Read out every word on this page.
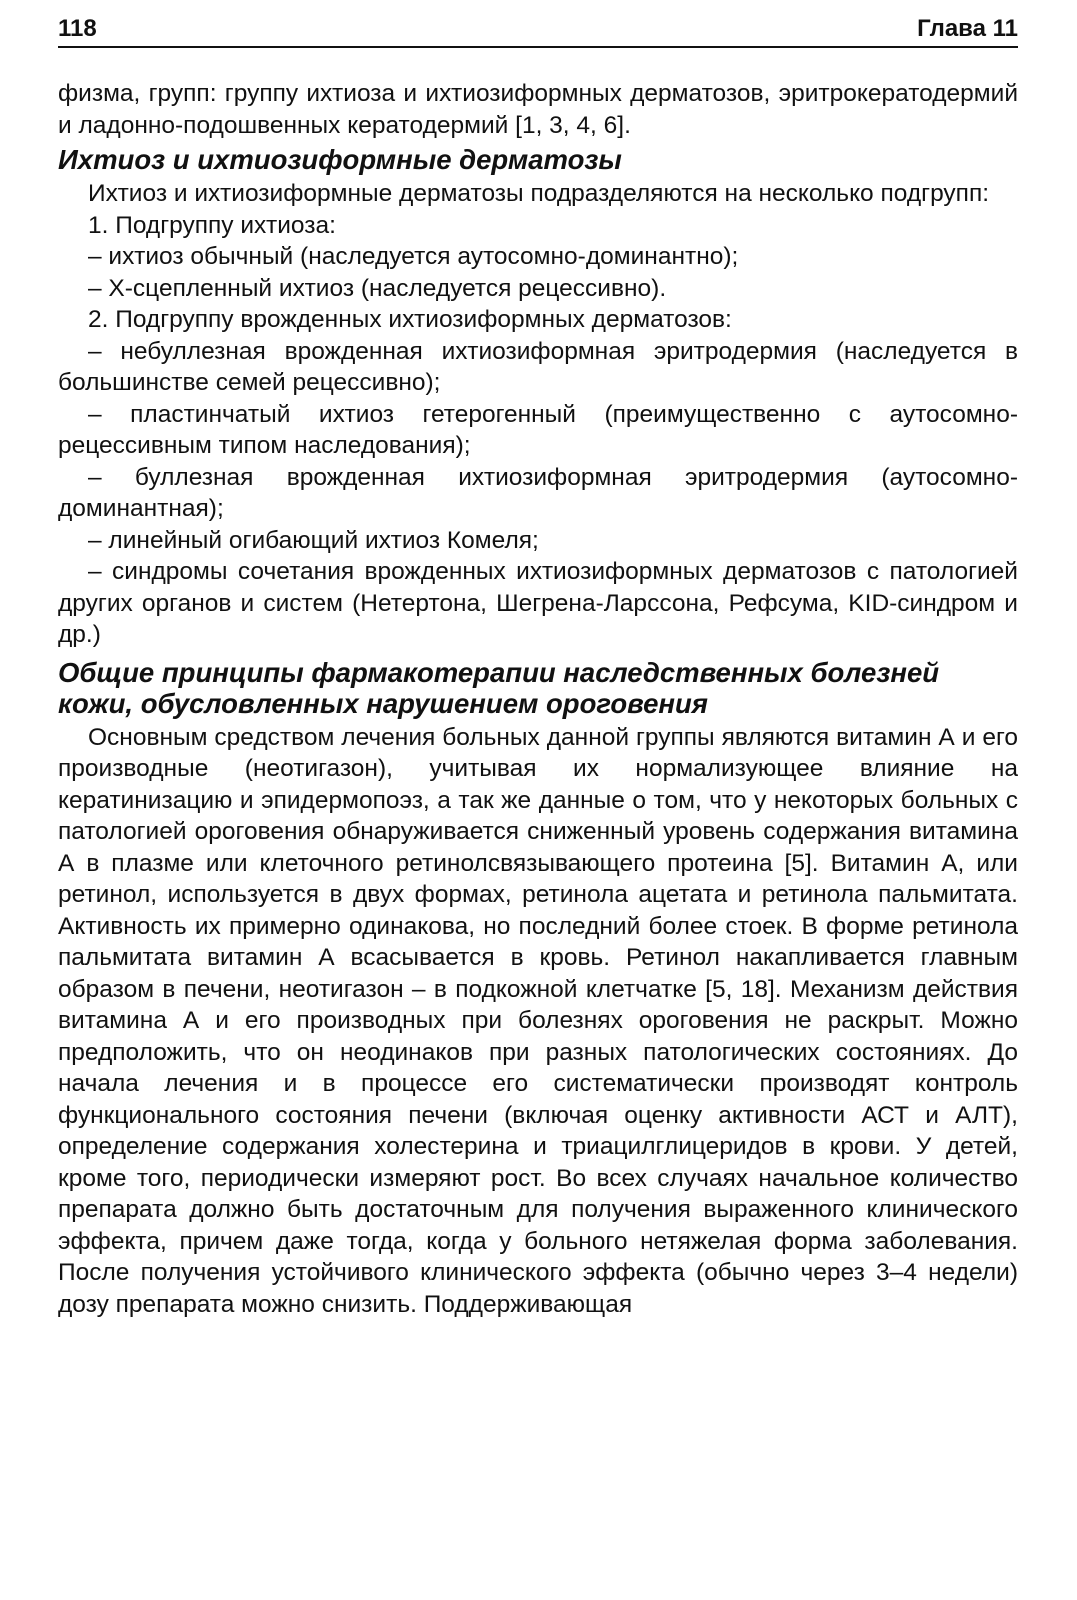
118	Глава 11

физма, групп: группу ихтиоза и ихтиозиформных дерматозов, эритрокератодермий и ладонно-подошвенных кератодермий [1, 3, 4, 6].

Ихтиоз и ихтиозиформные дерматозы

Ихтиоз и ихтиозиформные дерматозы подразделяются на несколько подгрупп:

1. Подгруппу ихтиоза:

– ихтиоз обычный (наследуется аутосомно-доминантно);

– Х-сцепленный ихтиоз (наследуется рецессивно).

2. Подгруппу врожденных ихтиозиформных дерматозов:

– небуллезная врожденная ихтиозиформная эритродермия (наследуется в большинстве семей рецессивно);

– пластинчатый ихтиоз гетерогенный (преимущественно с аутосомно-рецессивным типом наследования);

– буллезная врожденная ихтиозиформная эритродермия (аутосомно-доминантная);

– линейный огибающий ихтиоз Комеля;

– синдромы сочетания врожденных ихтиозиформных дерматозов с патологией других органов и систем (Нетертона, Шегрена-Ларссона, Рефсума, KID-синдром и др.)

Общие принципы фармакотерапии наследственных болезней кожи, обусловленных нарушением ороговения

Основным средством лечения больных данной группы являются витамин А и его производные (неотигазон), учитывая их нормализующее влияние на кератинизацию и эпидермопоэз, а так же данные о том, что у некоторых больных с патологией ороговения обнаруживается сниженный уровень содержания витамина А в плазме или клеточного ретинолсвязывающего протеина [5]. Витамин А, или ретинол, используется в двух формах, ретинола ацетата и ретинола пальмитата. Активность их примерно одинакова, но последний более стоек. В форме ретинола пальмитата витамин А всасывается в кровь. Ретинол накапливается главным образом в печени, неотигазон – в подкожной клетчатке [5, 18]. Механизм действия витамина А и его производных при болезнях ороговения не раскрыт. Можно предположить, что он неодинаков при разных патологических состояниях. До начала лечения и в процессе его систематически производят контроль функционального состояния печени (включая оценку активности АСТ и АЛТ), определение содержания холестерина и триацилглицеридов в крови. У детей, кроме того, периодически измеряют рост. Во всех случаях начальное количество препарата должно быть достаточным для получения выраженного клинического эффекта, причем даже тогда, когда у больного нетяжелая форма заболевания. После получения устойчивого клинического эффекта (обычно через 3–4 недели) дозу препарата можно снизить. Поддерживающая
